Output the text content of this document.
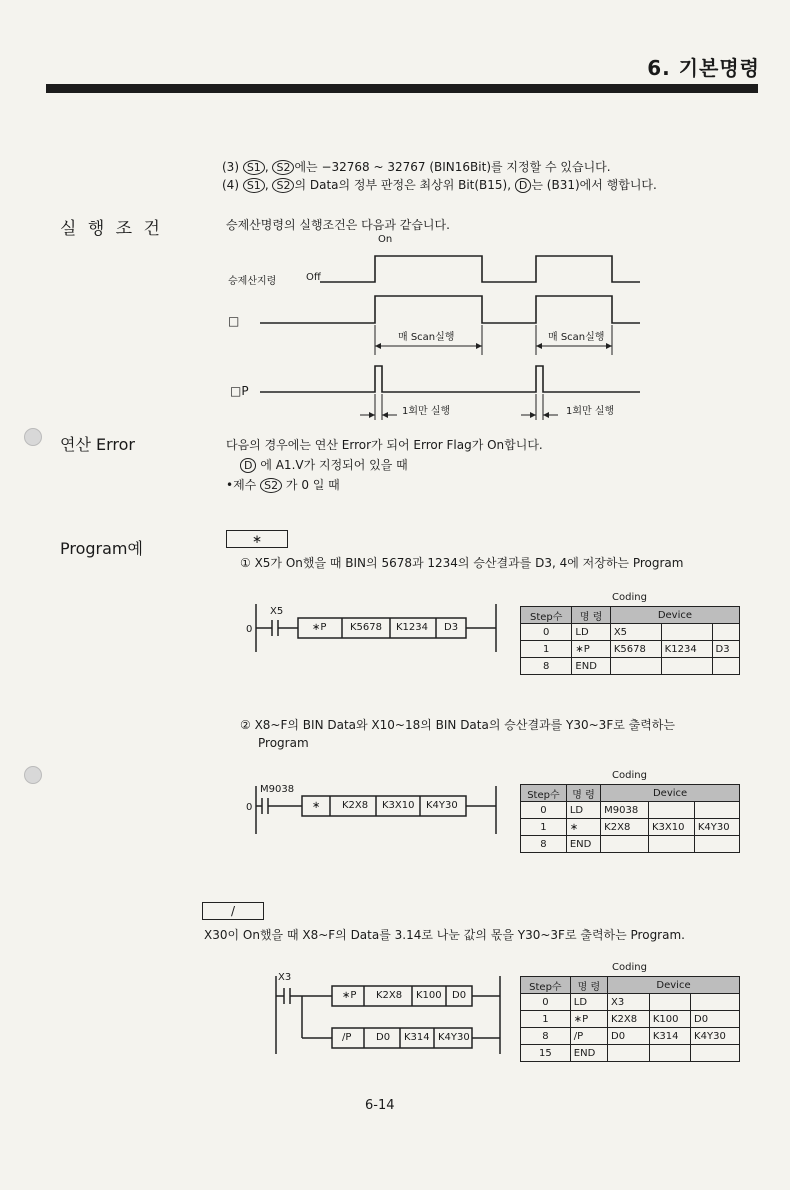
6. 기본명령
(3) S1 , S2 에는 −32768 ~ 32767 (BIN16Bit)를 지정할 수 있습니다.
(4) S1 , S2 의 Data의 정부 판정은 최상위 Bit(B15), D 는 (B31)에서 행합니다.
실 행 조 건	승제산명령의 실행조건은 다음과 같습니다.
On
승제산지령	Off
□
매 Scan실행	매 Scan실행
□P
1회만 실행	1회만 실행
연산 Error	다음의 경우에는 연산 Error가 되어 Error Flag가 On합니다.
D 에 A1.V가 지정되어 있을 때
•제수 S2 가 0 일 때
Program예	∗
① X5가 On했을 때 BIN의 5678과 1234의 승산결과를 D3, 4에 저장하는 Program
X5
0	∗P K5678 K1234 D3
Coding
Step수	명 령	Device		
0	LD	X5		
1	∗P	K5678	K1234	D3
8	END			
② X8~F의 BIN Data와 X10~18의 BIN Data의 승산결과를 Y30~3F로 출력하는
Program
M9038
0	∗ K2X8 K3X10 K4Y30
Coding
Step수	명 령	Device		
0	LD	M9038		
1	∗	K2X8	K3X10	K4Y30
8	END			
/
X30이 On했을 때 X8~F의 Data를 3.14로 나눈 값의 몫을 Y30~3F로 출력하는 Program.
X3
∗P K2X8 K100 D0
/P D0 K314 K4Y30
Coding
Step수	명 령	Device		
0	LD	X3		
1	∗P	K2X8	K100	D0
8	/P	D0	K314	K4Y30
15	END			
6-14
